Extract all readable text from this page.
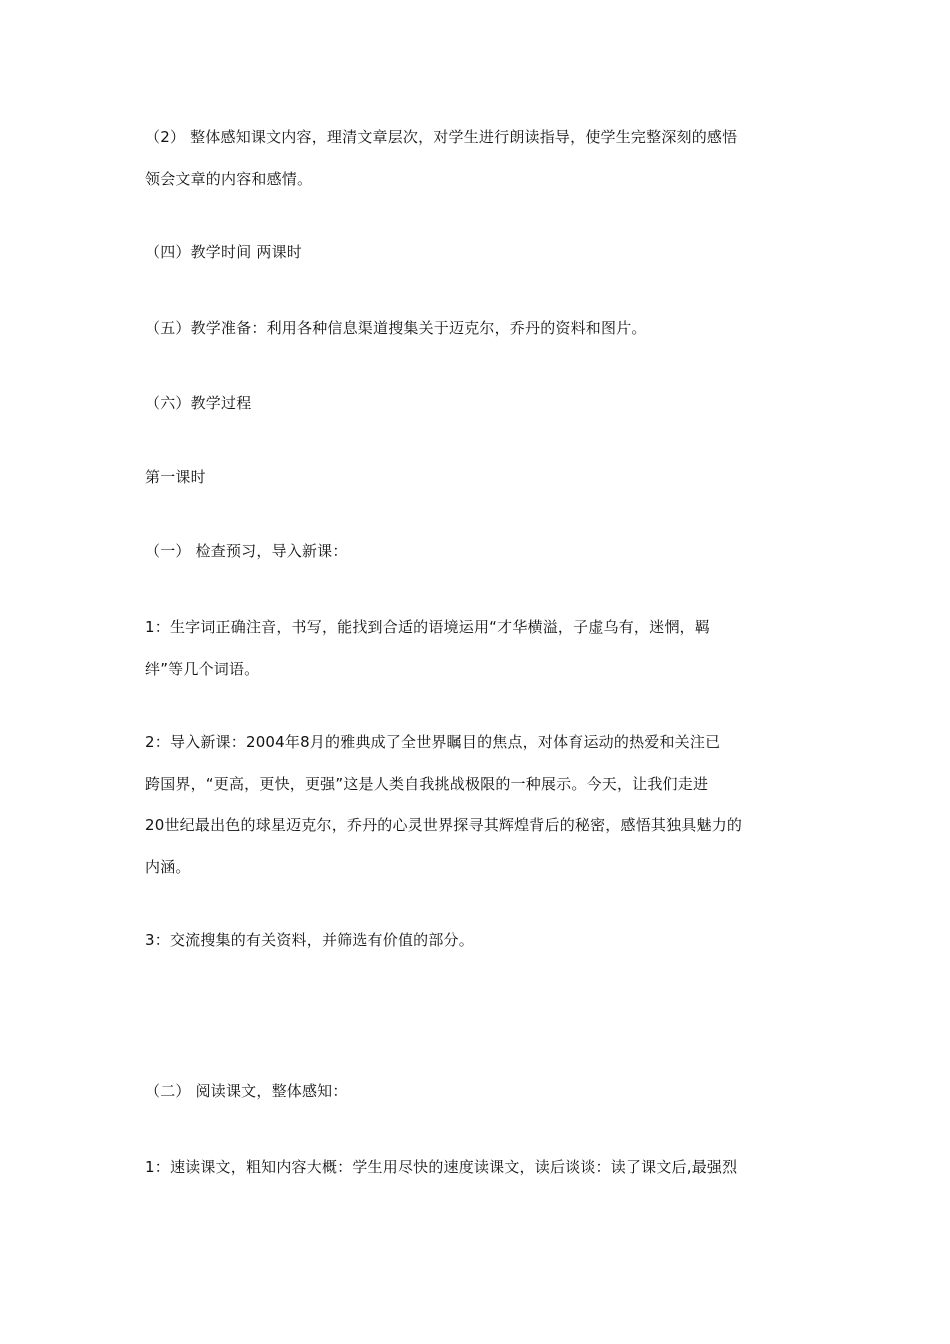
（2） 整体感知课文内容，理清文章层次，对学生进行朗读指导，使学生完整深刻的感悟
领会文章的内容和感情。
（四）教学时间 两课时
（五）教学准备：利用各种信息渠道搜集关于迈克尔，乔丹的资料和图片。
（六）教学过程
第一课时
（一） 检查预习，导入新课：
1：生字词正确注音，书写，能找到合适的语境运用“才华横溢，子虚乌有，迷惘，羁
绊”等几个词语。
2：导入新课：2004年8月的雅典成了全世界瞩目的焦点，对体育运动的热爱和关注已
跨国界，“更高，更快，更强”这是人类自我挑战极限的一种展示。今天，让我们走进
20世纪最出色的球星迈克尔，乔丹的心灵世界探寻其辉煌背后的秘密，感悟其独具魅力的
内涵。
3：交流搜集的有关资料，并筛选有价值的部分。
（二） 阅读课文，整体感知：
1：速读课文，粗知内容大概：学生用尽快的速度读课文，读后谈谈：读了课文后,最强烈
